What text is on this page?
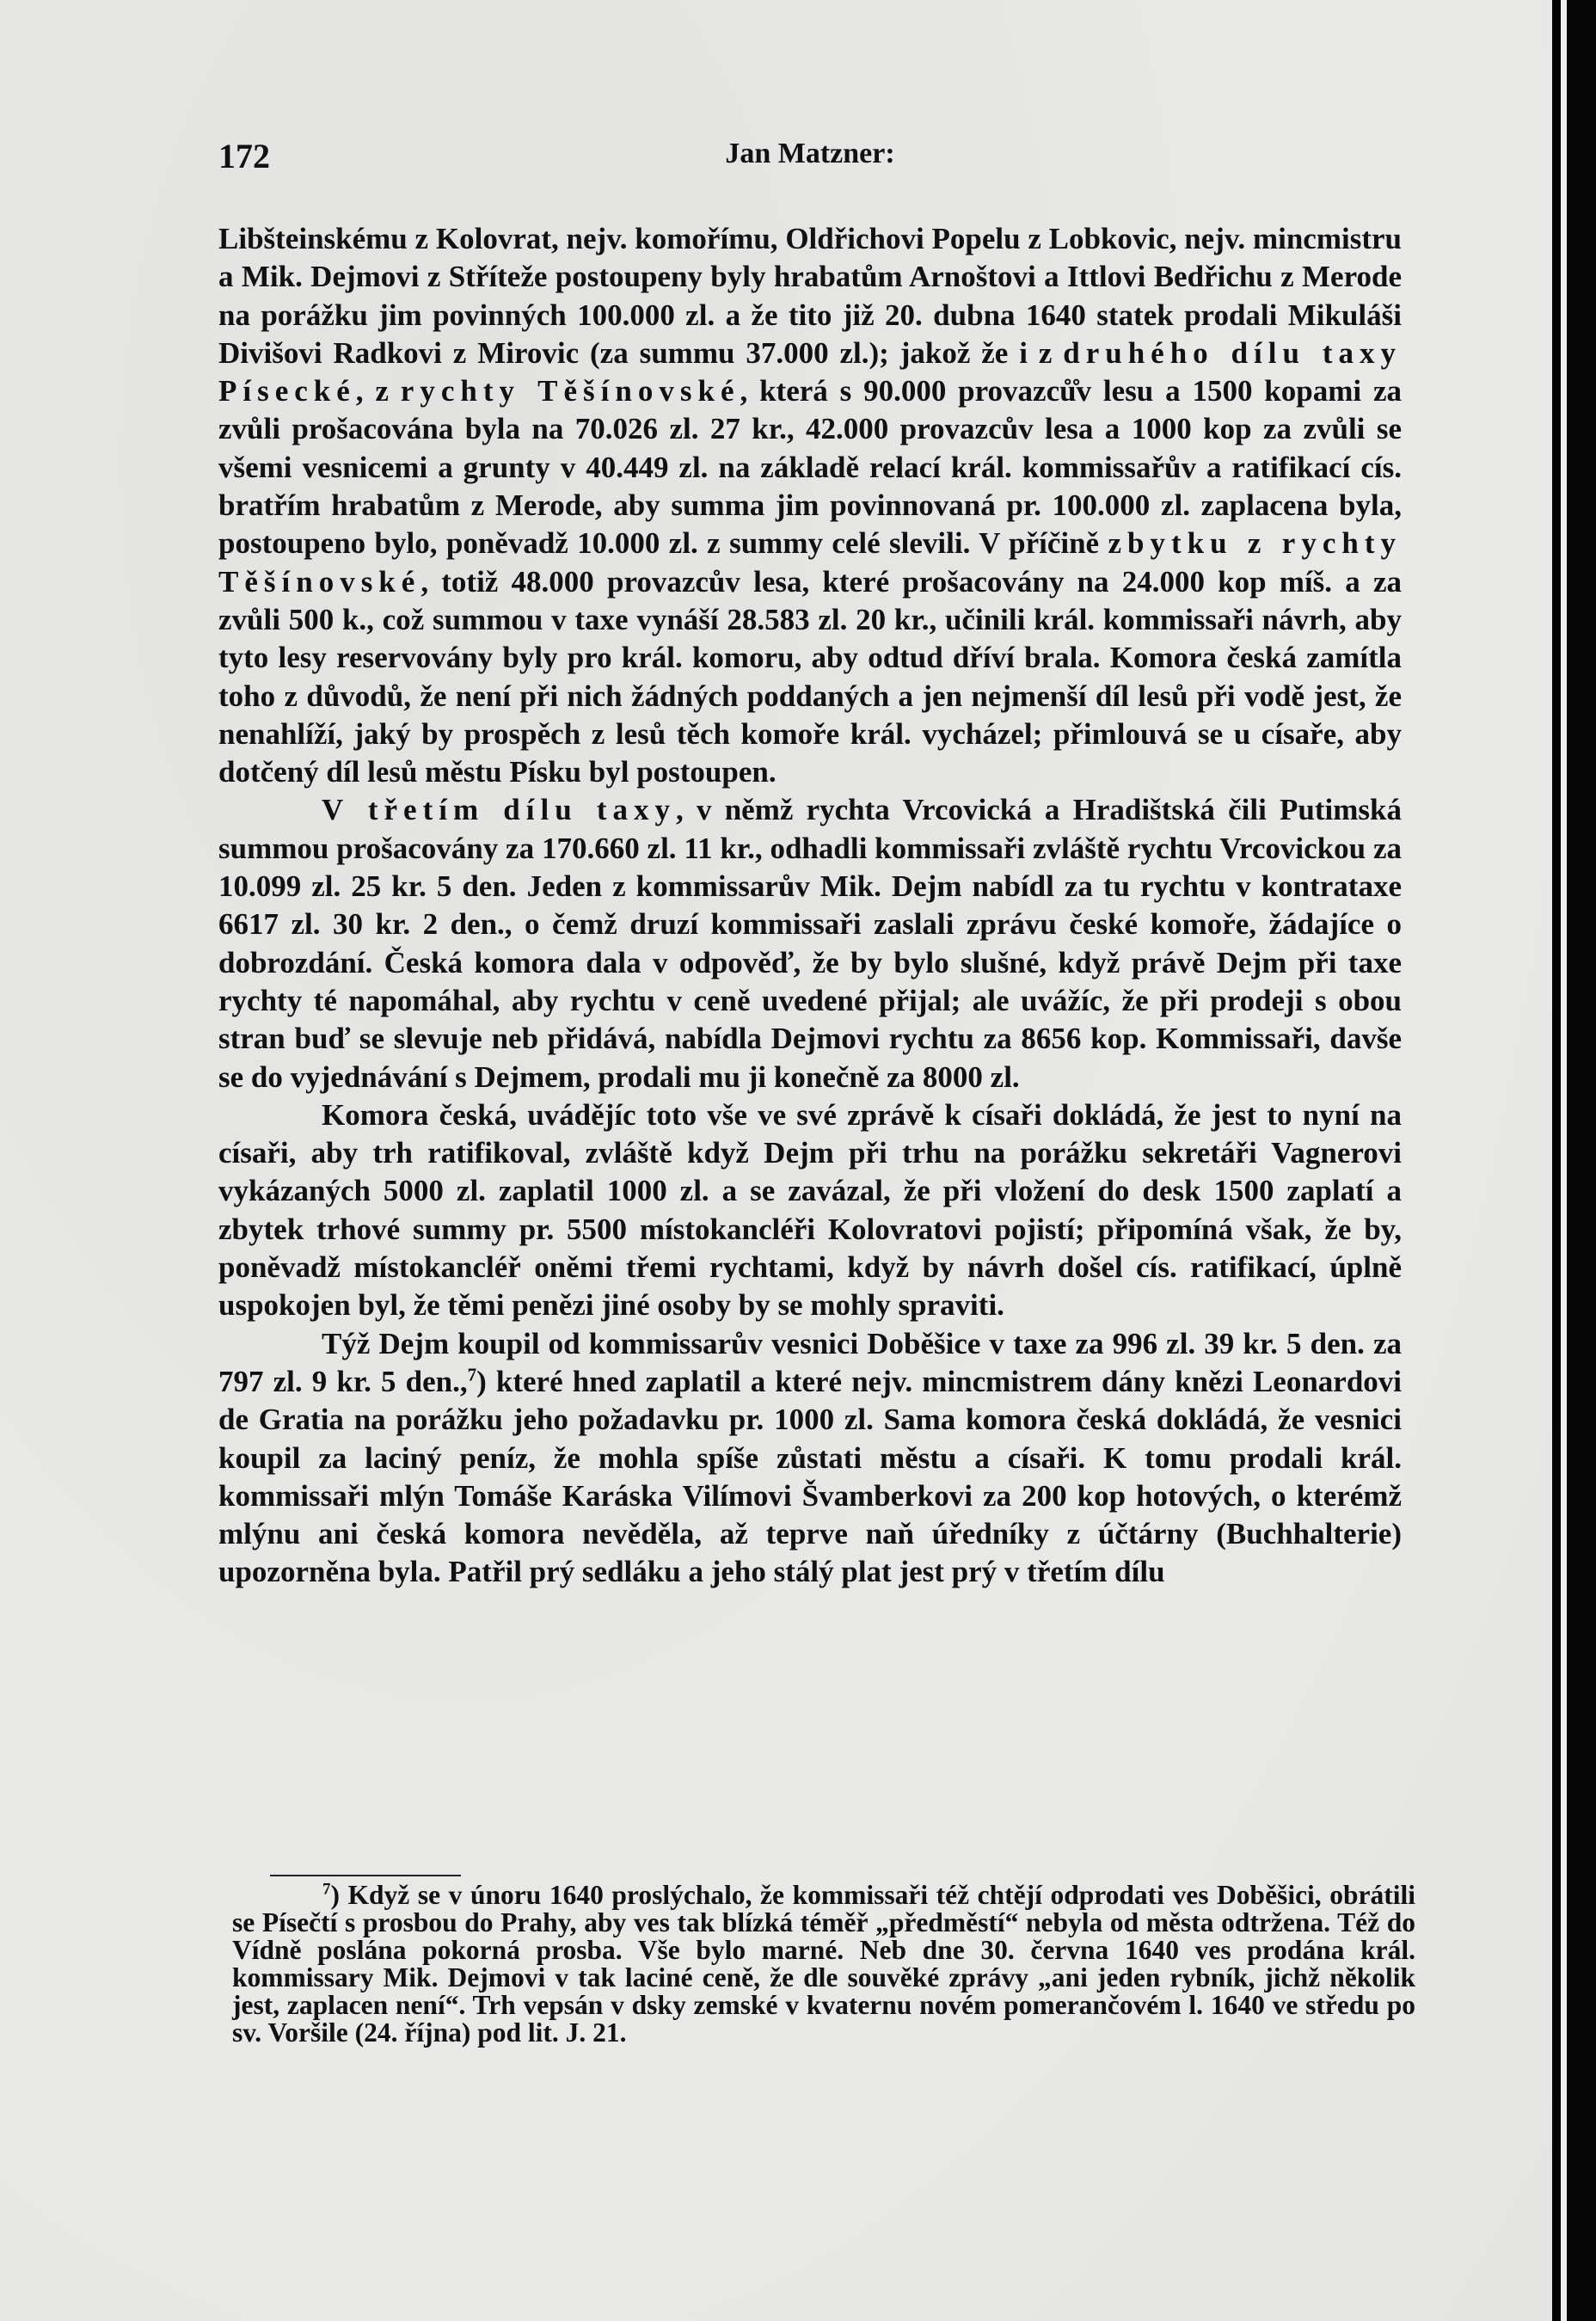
172	Jan Matzner:

Libšteinskému z Kolovrat, nejv. komořímu, Oldřichovi Popelu z Lobkovic, nejv. mincmistru a Mik. Dejmovi z Střítеže postoupeny byly hrabatům Arnoštovi a Ittlovi Bedřichu z Merode na porážku jim povinných 100.000 zl. a že tito již 20. dubna 1640 statek prodali Mikuláši Divišovi Radkovi z Mirovic (za summu 37.000 zl.); jakož že i z druhého dílu taxy Písecké, z rychty Těšínovské, která s 90.000 provazců̊v lesu a 1500 kopami za zvůli prošacována byla na 70.026 zl. 27 kr., 42.000 provazcův lesa a 1000 kop za zvůli se všemi vesnicemi a grunty v 40.449 zl. na základě relací král. kommissařův a ratifikací cís. bratřím hrabatům z Merode, aby summa jim povinnovaná pr. 100.000 zl. zaplacena byla, postoupeno bylo, poněvadž 10.000 zl. z summy celé slevili. V příčině zbytku z rychty Těšínovské, totiž 48.000 provazcův lesa, které prošacovány na 24.000 kop míš. a za zvůli 500 k., což summou v taxe vynáší 28.583 zl. 20 kr., učinili král. kommissaři návrh, aby tyto lesy reservovány byly pro král. komoru, aby odtud dříví brala. Komora česká zamítla toho z důvodů, že není při nich žádných poddaných a jen nejmenší díl lesů při vodě jest, že nenahlíží, jaký by prospěch z lesů těch komoře král. vycházel; přimlouvá se u císaře, aby dotčený díl lesů městu Písku byl postoupen.

V třetím dílu taxy, v němž rychta Vrcovická a Hradištská čili Putimská summou prošacovány za 170.660 zl. 11 kr., odhadli kommissaři zvláště rychtu Vrcovickou za 10.099 zl. 25 kr. 5 den. Jeden z kommissarův Mik. Dejm nabídl za tu rychtu v kontrataxe 6617 zl. 30 kr. 2 den., o čemž druzí kommissaři zaslali zprávu české komoře, žádajíce o dobrozdání. Česká komora dala v odpověď, že by bylo slušné, když právě Dejm při taxe rychty té napomáhal, aby rychtu v ceně uvedené přijal; ale uvážíc, že při prodeji s obou stran buď se slevuje neb přidává, nabídla Dejmovi rychtu za 8656 kop. Kommissaři, davše se do vyjednávání s Dejmem, prodali mu ji konečně za 8000 zl.

Komora česká, uvádějíc toto vše ve své zprávě k císaři dokládá, že jest to nyní na císaři, aby trh ratifikoval, zvláště když Dejm při trhu na porážku sekretáři Vagnerovi vykázaných 5000 zl. zaplatil 1000 zl. a se zavázal, že při vložení do desk 1500 zaplatí a zbytek trhové summy pr. 5500 místokancléři Kolovratovi pojistí; připomíná však, že by, poněvadž místokancléř oněmi třemi rychtami, když by návrh došel cís. ratifikací, úplně uspokojen byl, že těmi penězi jiné osoby by se mohly spraviti.

Týž Dejm koupil od kommissarův vesnici Doběšice v taxe za 996 zl. 39 kr. 5 den. za 797 zl. 9 kr. 5 den.,$^7$) které hned zaplatil a které nejv. mincmistrem dány knězi Leonardovi de Gratia na porážku jeho požadavku pr. 1000 zl. Sama komora česká dokládá, že vesnici koupil za laciný peníz, že mohla spíše zůstati městu a císaři. K tomu prodali král. kommissaři mlýn Tomáše Karáska Vilímovi Švamberkovi za 200 kop hotových, o kterémž mlýnu ani česká komora nevěděla, až teprve naň úředníky z účtárny (Buchhalterie) upozorněna byla. Patřil prý sedláku a jeho stálý plat jest prý v třetím dílu

$^7$) Když se v únoru 1640 proslýchalo, že kommissaři též chtějí odprodati ves Doběšici, obrátili se Písečtí s prosbou do Prahy, aby ves tak blízká téměř „předměstí“ nebyla od města odtržena. Též do Vídně poslána pokorná prosba. Vše bylo marné. Neb dne 30. června 1640 ves prodána král. kommissary Mik. Dejmovi v tak laciné ceně, že dle souvěké zprávy „ani jeden rybník, jichž několik jest, zaplacen není“. Trh vepsán v dsky zemské v kvaternu novém pomerančovém l. 1640 ve středu po sv. Voršile (24. října) pod lit. J. 21.
